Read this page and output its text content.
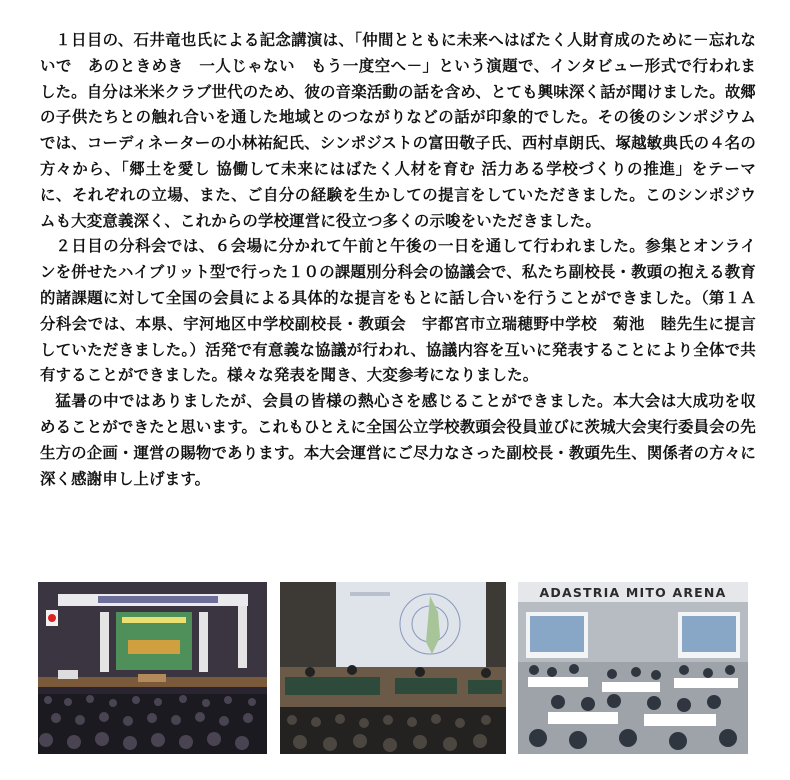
１日目の、石井竜也氏による記念講演は、「仲間とともに未来へはばたく人財育成のために－忘れないで　あのときめき　一人じゃない　もう一度空へ－」という演題で、インタビュー形式で行われました。自分は米米クラブ世代のため、彼の音楽活動の話を含め、とても興味深く話が聞けました。故郷の子供たちとの触れ合いを通した地域とのつながりなどの話が印象的でした。その後のシンポジウムでは、コーディネーターの小林祐紀氏、シンポジストの富田敬子氏、西村卓朗氏、塚越敏典氏の４名の方々から、「郷土を愛し 協働して未来にはばたく人材を育む 活力ある学校づくりの推進」をテーマに、それぞれの立場、また、ご自分の経験を生かしての提言をしていただきました。このシンポジウムも大変意義深く、これからの学校運営に役立つ多くの示唆をいただきました。

２日目の分科会では、６会場に分かれて午前と午後の一日を通して行われました。参集とオンラインを併せたハイブリット型で行った１０の課題別分科会の協議会で、私たち副校長・教頭の抱える教育的諸課題に対して全国の会員による具体的な提言をもとに話し合いを行うことができました。（第１Ａ分科会では、本県、宇河地区中学校副校長・教頭会　宇都宮市立瑞穂野中学校　菊池　睦先生に提言していただきました。）活発で有意義な協議が行われ、協議内容を互いに発表することにより全体で共有することができました。様々な発表を聞き、大変参考になりました。

猛暑の中ではありましたが、会員の皆様の熱心さを感じることができました。本大会は大成功を収めることができたと思います。これもひとえに全国公立学校教頭会役員並びに茨城大会実行委員会の先生方の企画・運営の賜物であります。本大会運営にご尽力なさった副校長・教頭先生、関係者の方々に深く感謝申し上げます。

ADASTRIA MITO ARENA
